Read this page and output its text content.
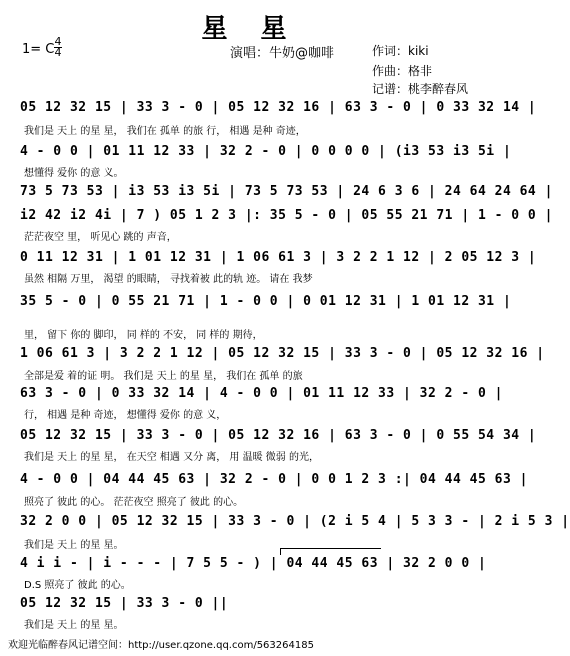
星 星
1= C
4
4	演唱：牛奶@咖啡	作词：kiki
作曲：格非
记谱：桃李醉春风
05 12 32 15 | 33 3 - 0 | 05 12 32 16 | 63 3 - 0 | 0 33 32 14 |
我们是 天上 的星 星， 我们在 孤单 的旅 行， 相遇 是种 奇迹，
4 - 0 0 | 01 11 12 33 | 32 2 - 0 | 0 0 0 0 | (i3 53 i3 5i |
想懂得 爱你 的意 义。
73 5 73 53 | i3 53 i3 5i | 73 5 73 53 | 24 6 3 6 | 24 64 24 64 |
i2 42 i2 4i | 7 ) 05 1 2 3 |: 35 5 - 0 | 05 55 21 71 | 1 - 0 0 |
茫茫夜空 里， 听见心 跳的 声音，
0 11 12 31 | 1 01 12 31 | 1 06 61 3 | 3 2 2 1 12 | 2 05 12 3 |
虽然 相隔 万里， 渴望 的眼睛， 寻找着被 此的轨 迹。 请在 我梦
35 5 - 0 | 0 55 21 71 | 1 - 0 0 | 0 01 12 31 | 1 01 12 31 |
里， 留下 你的 脚印， 同 样的 不安， 同 样的 期待，
1 06 61 3 | 3 2 2 1 12 | 05 12 32 15 | 33 3 - 0 | 05 12 32 16 |
全部是爱 着的证 明。 我们是 天上 的星 星， 我们在 孤单 的旅
63 3 - 0 | 0 33 32 14 | 4 - 0 0 | 01 11 12 33 | 32 2 - 0 |
行， 相遇 是种 奇迹， 想懂得 爱你 的意 义，
05 12 32 15 | 33 3 - 0 | 05 12 32 16 | 63 3 - 0 | 0 55 54 34 |
我们是 天上 的星 星， 在天空 相遇 又分 离， 用 温暖 微弱 的光，
4 - 0 0 | 04 44 45 63 | 32 2 - 0 | 0 0 1 2 3 :| 04 44 45 63 |
照亮了 彼此 的心。 茫茫夜空 照亮了 彼此 的心。
32 2 0 0 | 05 12 32 15 | 33 3 - 0 | (2 i 5 4 | 5 3 3 - | 2 i 5 3 |
我们是 天上 的星 星。
4 i i - | i - - - | 7 5 5 - ) | 04 44 45 63 | 32 2 0 0 |
D.S 照亮了 彼此 的心。
05 12 32 15 | 33 3 - 0 ||
我们是 天上 的星 星。
欢迎光临醉春风记谱空间：http://user.qzone.qq.com/563264185
